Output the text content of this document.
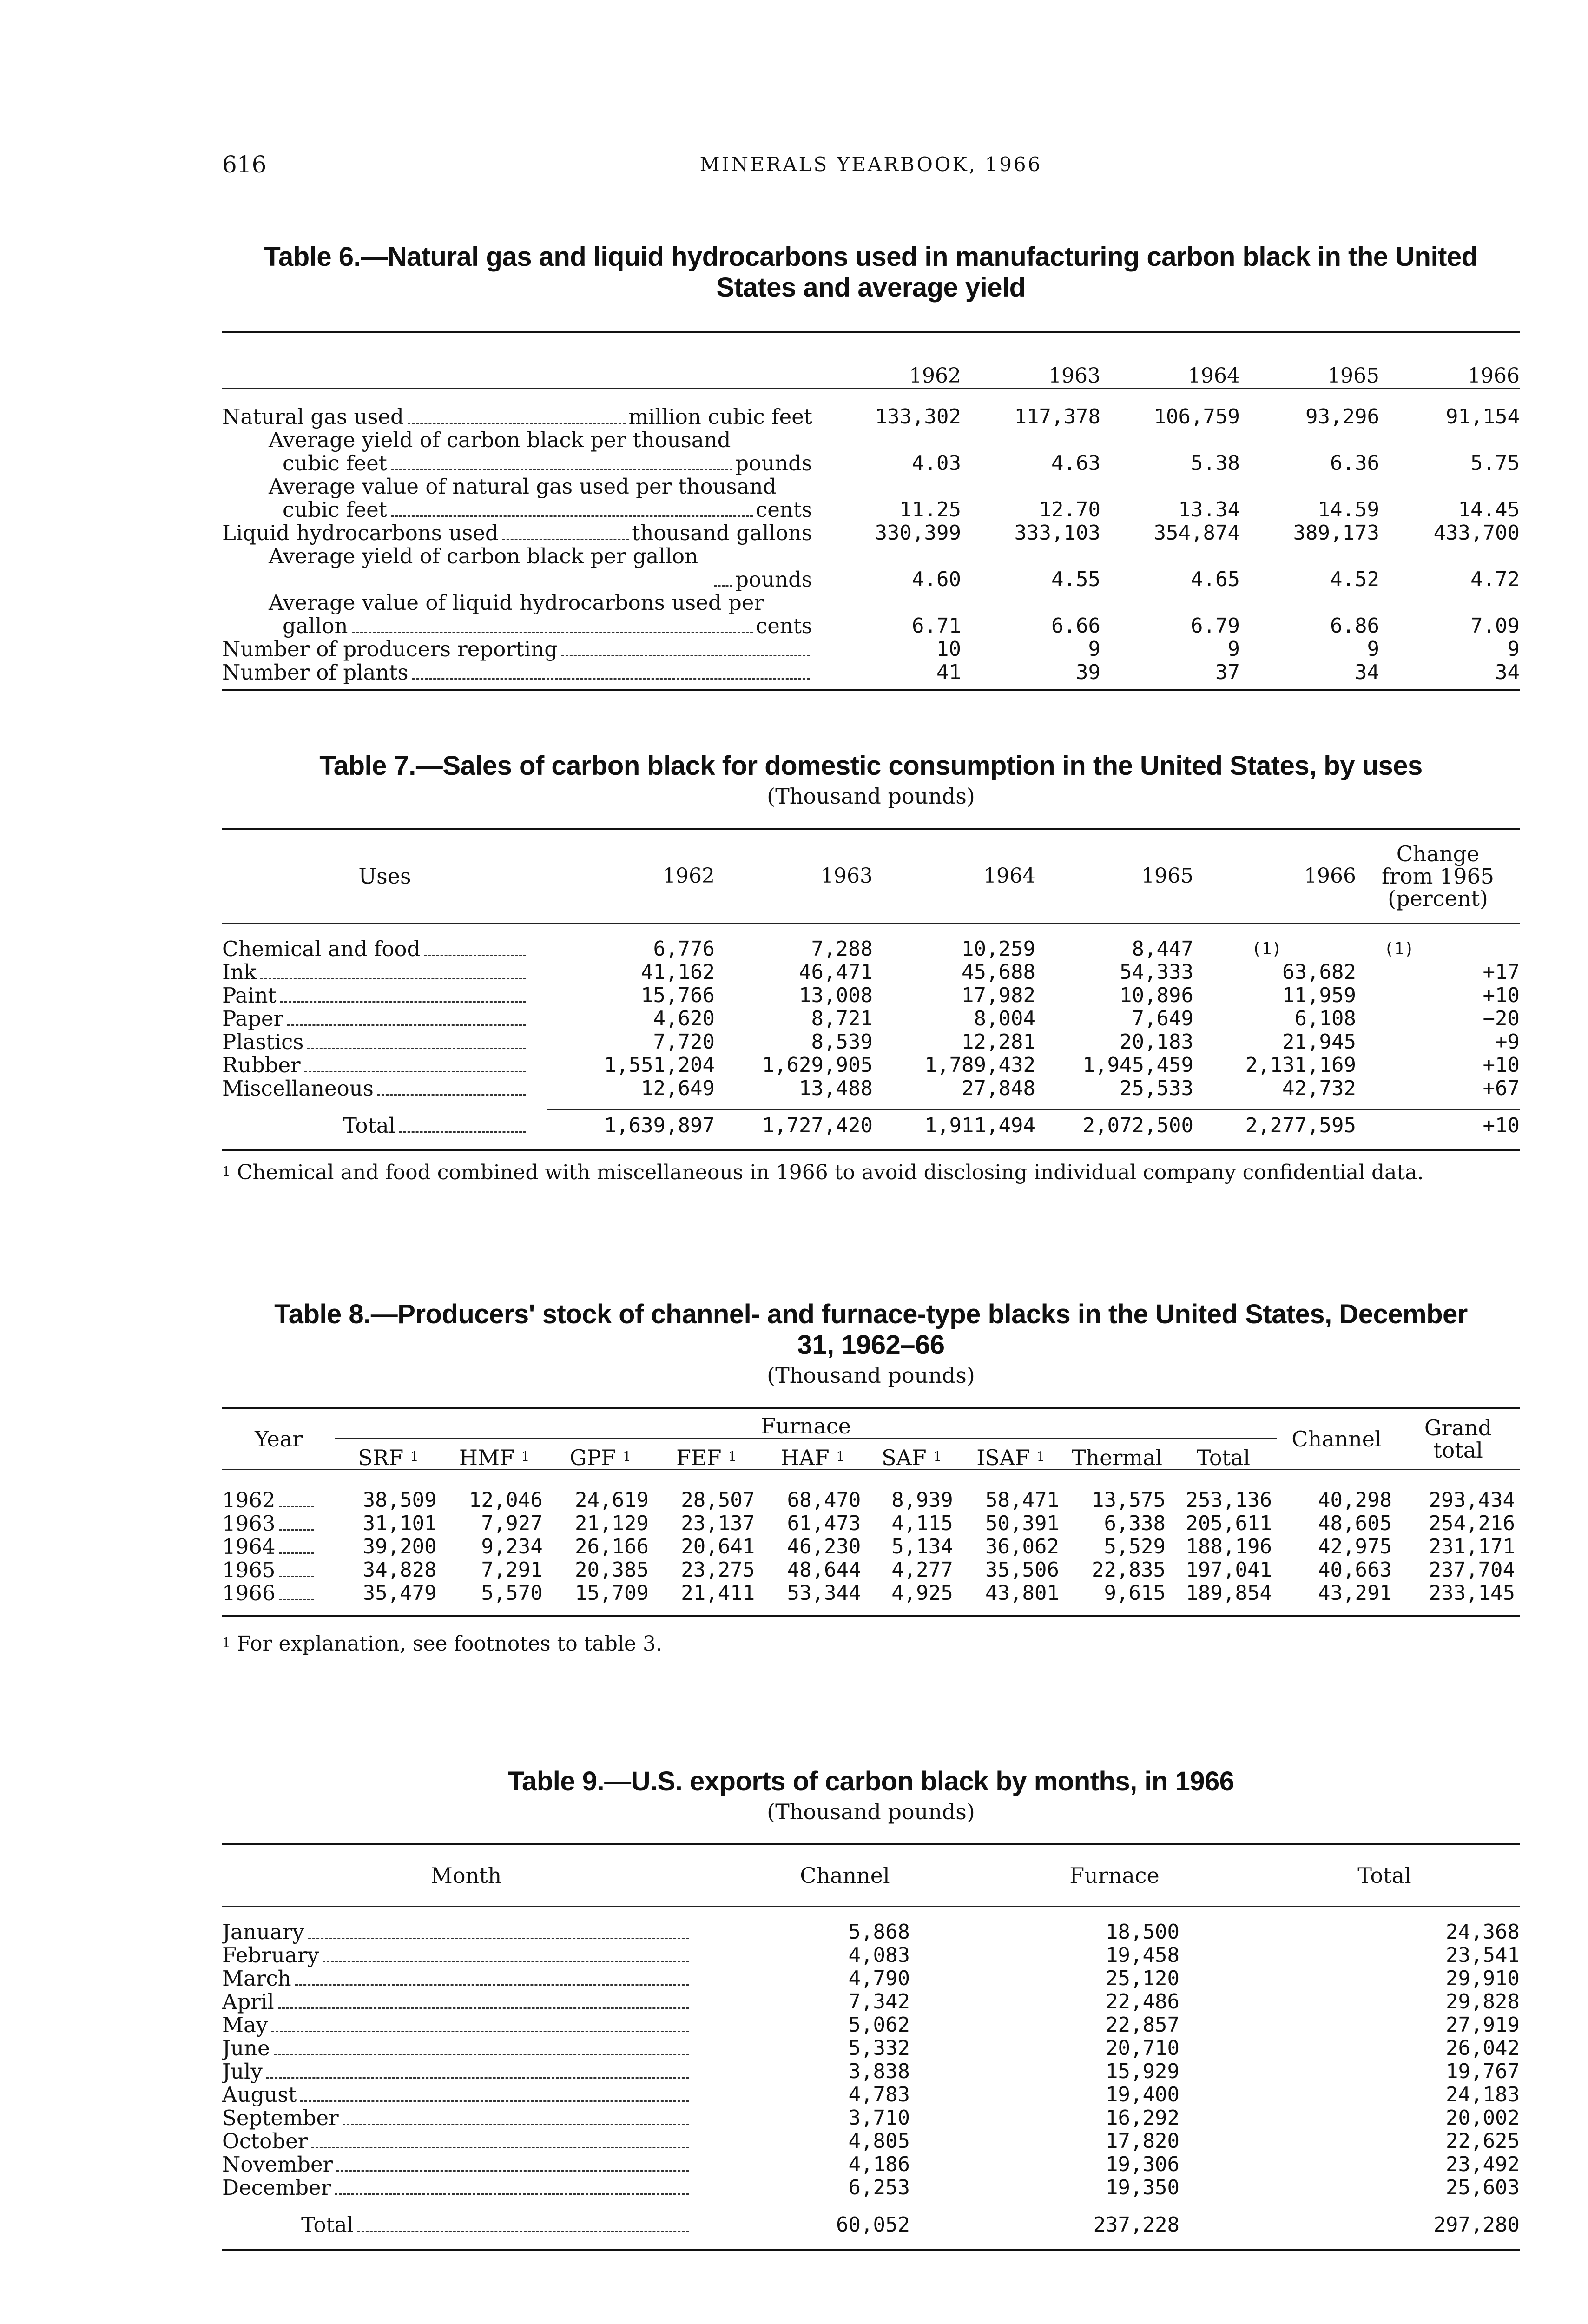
616	MINERALS YEARBOOK, 1966
Table 6.—Natural gas and liquid hydrocarbons used in manufacturing carbon black in the United States and average yield
	1962	1963	1964	1965	1966

Natural gas used million cubic feet	133,302	117,378	106,759	93,296	91,154
Average yield of carbon black per thousand					

cubic feet pounds	4.03	4.63	5.38	6.36	5.75
Average value of natural gas used per thousand					

cubic feet cents	11.25	12.70	13.34	14.59	14.45

Liquid hydrocarbons used thousand gallons	330,399	333,103	354,874	389,173	433,700
Average yield of carbon black per gallon					

pounds	4.60	4.55	4.65	4.52	4.72
Average value of liquid hydrocarbons used per					

gallon cents	6.71	6.66	6.79	6.86	7.09

Number of producers reporting	10	9	9	9	9

Number of plants	41	39	37	34	34

Table 7.—Sales of carbon black for domestic consumption in the United States, by uses
(Thousand pounds)
Uses	1962	1963	1964	1965	1966	Change
from 1965
(percent)

Chemical and food	6,776	7,288	10,259	8,447	(1)	(1)

Ink	41,162	46,471	45,688	54,333	63,682	+17

Paint	15,766	13,008	17,982	10,896	11,959	+10

Paper	4,620	8,721	8,004	7,649	6,108	−20

Plastics	7,720	8,539	12,281	20,183	21,945	+9

Rubber	1,551,204	1,629,905	1,789,432	1,945,459	2,131,169	+10

Miscellaneous	12,649	13,488	27,848	25,533	42,732	+67

Total	1,639,897	1,727,420	1,911,494	2,072,500	2,277,595	+10

$^1$ Chemical and food combined with miscellaneous in 1966 to avoid disclosing individual company confidential data.
Table 8.—Producers' stock of channel- and furnace-type blacks in the United States, December 31, 1962–66
(Thousand pounds)
Year	Furnace									Channel	Grand
total

	SRF $^1$	HMF $^1$	GPF $^1$	FEF $^1$	HAF $^1$	SAF $^1$	ISAF $^1$	Thermal	Total		

1962	38,509	12,046	24,619	28,507	68,470	8,939	58,471	13,575	253,136	40,298	293,434

1963	31,101	7,927	21,129	23,137	61,473	4,115	50,391	6,338	205,611	48,605	254,216

1964	39,200	9,234	26,166	20,641	46,230	5,134	36,062	5,529	188,196	42,975	231,171

1965	34,828	7,291	20,385	23,275	48,644	4,277	35,506	22,835	197,041	40,663	237,704

1966	35,479	5,570	15,709	21,411	53,344	4,925	43,801	9,615	189,854	43,291	233,145

$^1$ For explanation, see footnotes to table 3.
Table 9.—U.S. exports of carbon black by months, in 1966
(Thousand pounds)
Month	Channel	Furnace	Total

January	5,868	18,500	24,368

February	4,083	19,458	23,541

March	4,790	25,120	29,910

April	7,342	22,486	29,828

May	5,062	22,857	27,919

June	5,332	20,710	26,042

July	3,838	15,929	19,767

August	4,783	19,400	24,183

September	3,710	16,292	20,002

October	4,805	17,820	22,625

November	4,186	19,306	23,492

December	6,253	19,350	25,603

Total	60,052	237,228	297,280
